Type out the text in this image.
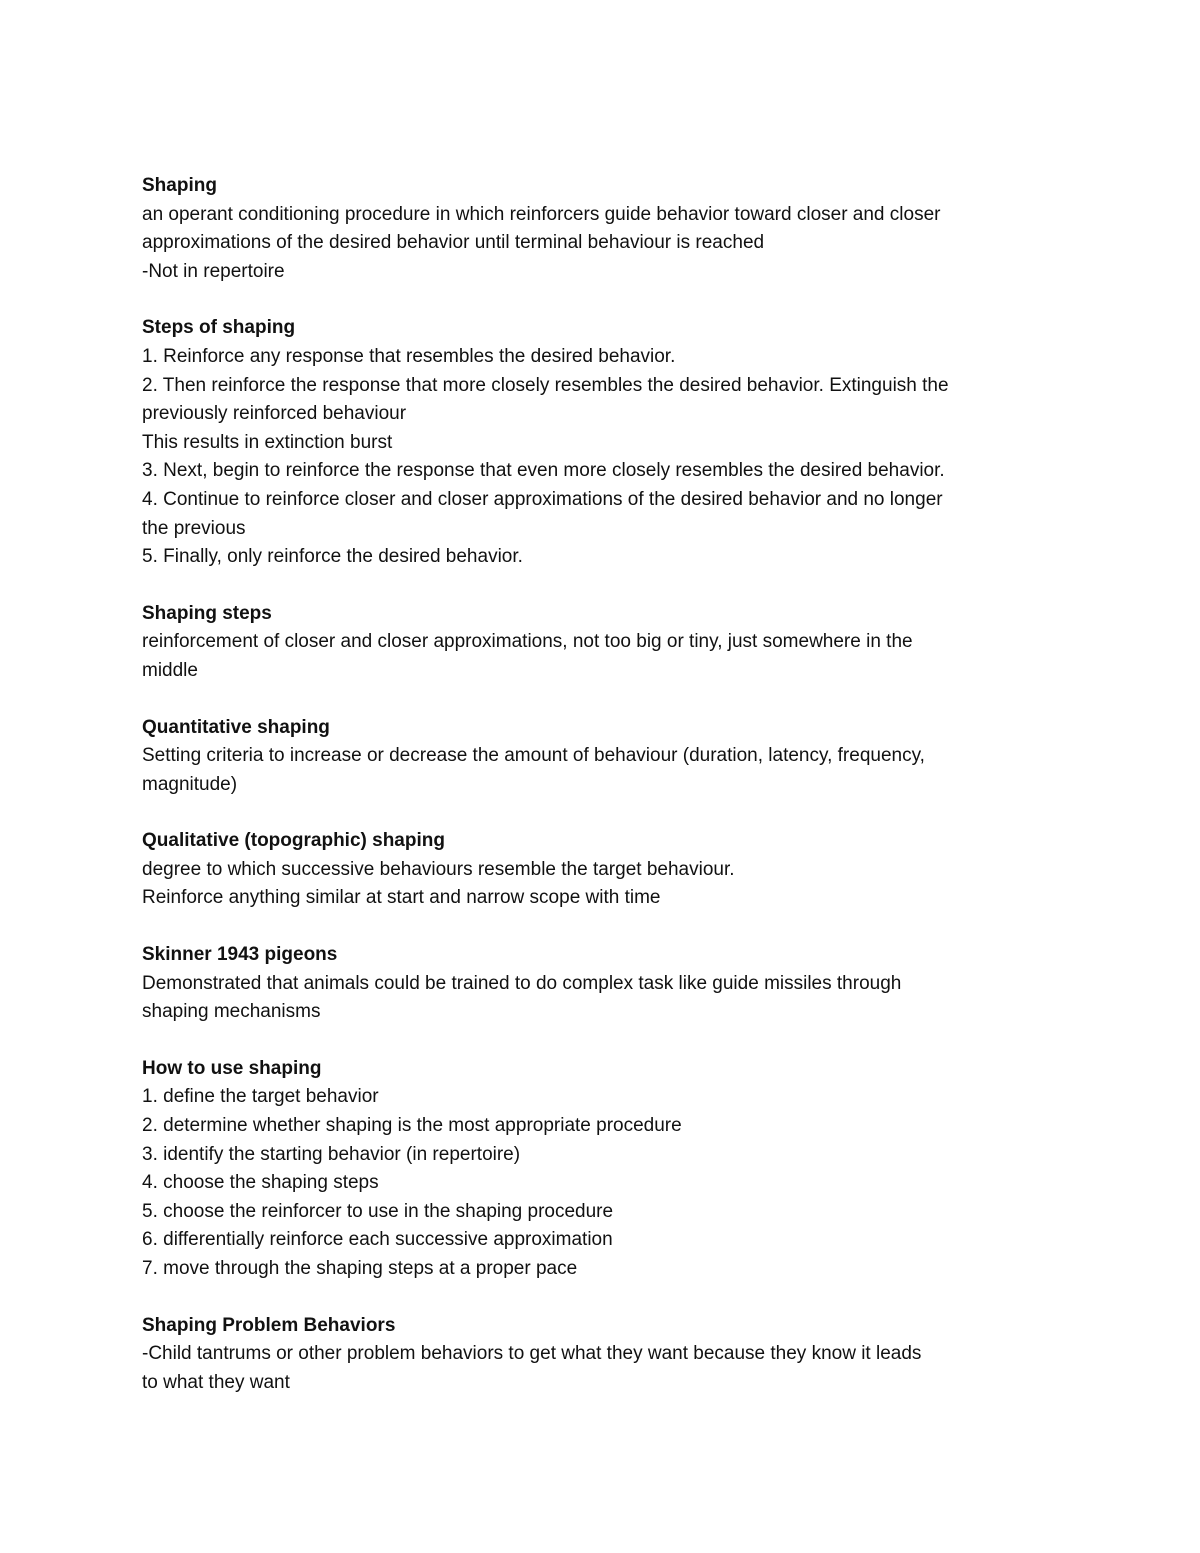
Shaping

an operant conditioning procedure in which reinforcers guide behavior toward closer and closer

approximations of the desired behavior until terminal behaviour is reached

-Not in repertoire

Steps of shaping

1. Reinforce any response that resembles the desired behavior.

2. Then reinforce the response that more closely resembles the desired behavior. Extinguish the

previously reinforced behaviour

This results in extinction burst

3. Next, begin to reinforce the response that even more closely resembles the desired behavior.

4. Continue to reinforce closer and closer approximations of the desired behavior and no longer

the previous

5. Finally, only reinforce the desired behavior.

Shaping steps

reinforcement of closer and closer approximations, not too big or tiny, just somewhere in the

middle

Quantitative shaping

Setting criteria to increase or decrease the amount of behaviour (duration, latency, frequency,

magnitude)

Qualitative (topographic) shaping

degree to which successive behaviours resemble the target behaviour.

Reinforce anything similar at start and narrow scope with time

Skinner 1943 pigeons

Demonstrated that animals could be trained to do complex task like guide missiles through

shaping mechanisms

How to use shaping

1. define the target behavior

2. determine whether shaping is the most appropriate procedure

3. identify the starting behavior (in repertoire)

4. choose the shaping steps

5. choose the reinforcer to use in the shaping procedure

6. differentially reinforce each successive approximation

7. move through the shaping steps at a proper pace

Shaping Problem Behaviors

-Child tantrums or other problem behaviors to get what they want because they know it leads

to what they want
